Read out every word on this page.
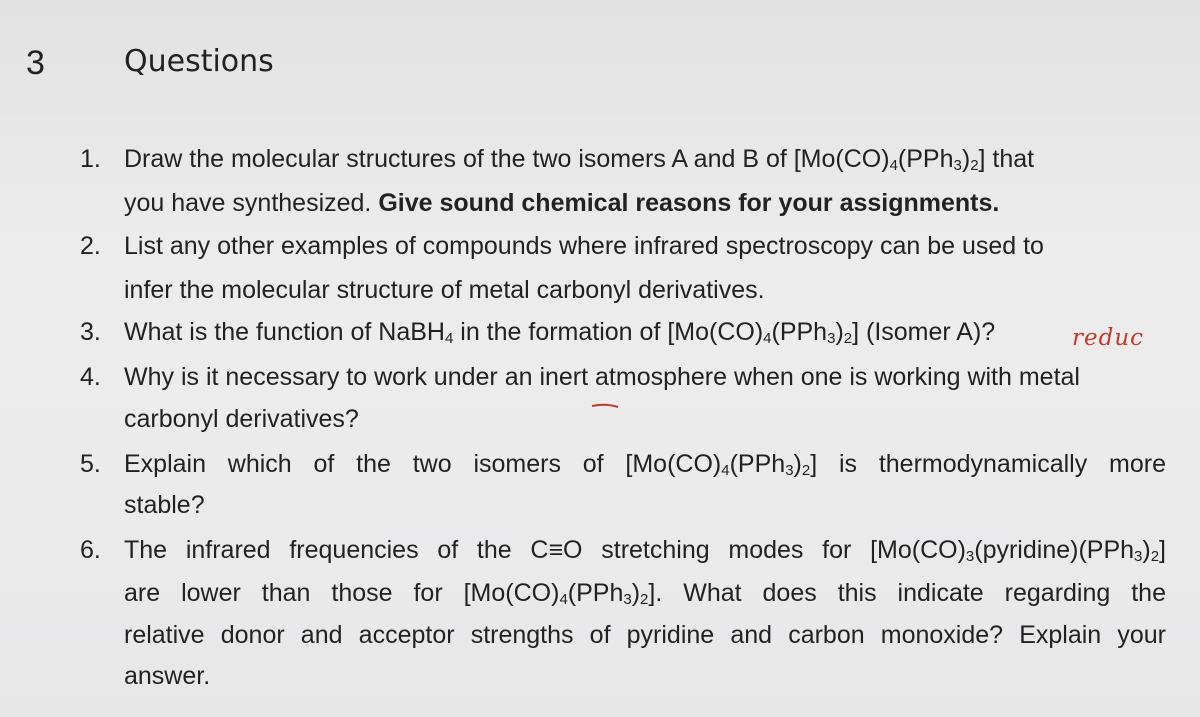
3	Questions
1. Draw the molecular structures of the two isomers A and B of $[Mo(CO)_4(PPh_3)_2]$ that
you have synthesized. Give sound chemical reasons for your assignments.
2. List any other examples of compounds where infrared spectroscopy can be used to
infer the molecular structure of metal carbonyl derivatives.
3. What is the function of NaBH$_4$ in the formation of $[Mo(CO)_4(PPh_3)_2]$ (Isomer A)?	reduc
4. Why is it necessary to work under an inert atmosphere when one is working with metal
carbonyl derivatives?
5. Explain which of the two isomers of $[Mo(CO)_4(PPh_3)_2]$ is thermodynamically more
stable?
6. The infrared frequencies of the C≡O stretching modes for $[Mo(CO)_3(pyridine)(PPh_3)_2]$
are lower than those for $[Mo(CO)_4(PPh_3)_2]$. What does this indicate regarding the
relative donor and acceptor strengths of pyridine and carbon monoxide? Explain your
answer.
